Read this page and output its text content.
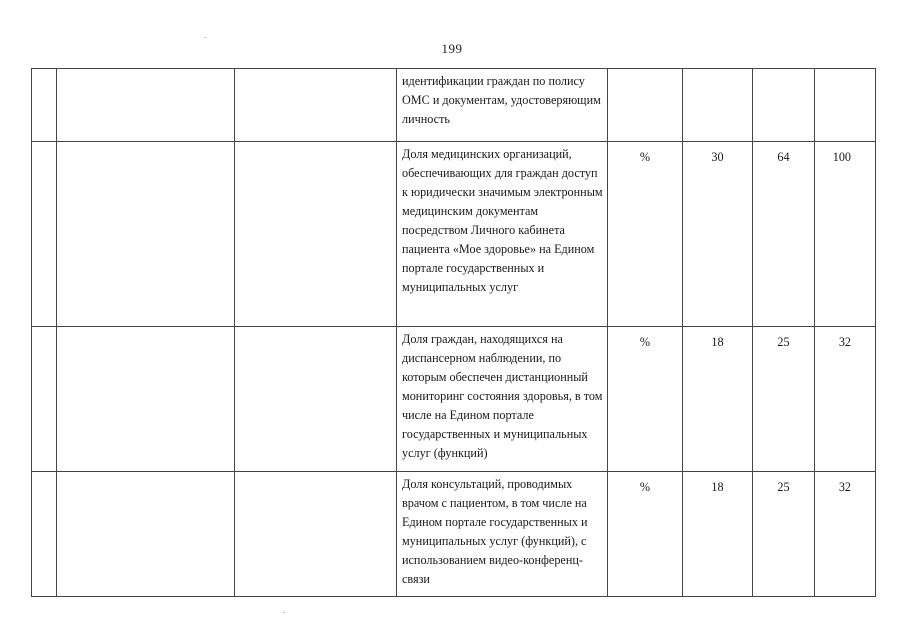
199
			идентификации граждан по полису ОМС и документам, удостоверяющим личность				
			Доля медицинских организаций, обеспечивающих для граждан доступ к юридически значимым электронным медицинским документам посредством Личного кабинета пациента «Мое здоровье» на Едином портале государственных и муниципальных услуг	%	30	64	100
			Доля граждан, находящихся на диспансерном наблюдении, по которым обеспечен дистанционный мониторинг состояния здоровья, в том числе на Едином портале государственных и муниципальных услуг (функций)	%	18	25	32
			Доля консультаций, проводимых врачом с пациентом, в том числе на Едином портале государственных и муниципальных услуг (функций), с использованием видео-конференц-связи	%	18	25	32
